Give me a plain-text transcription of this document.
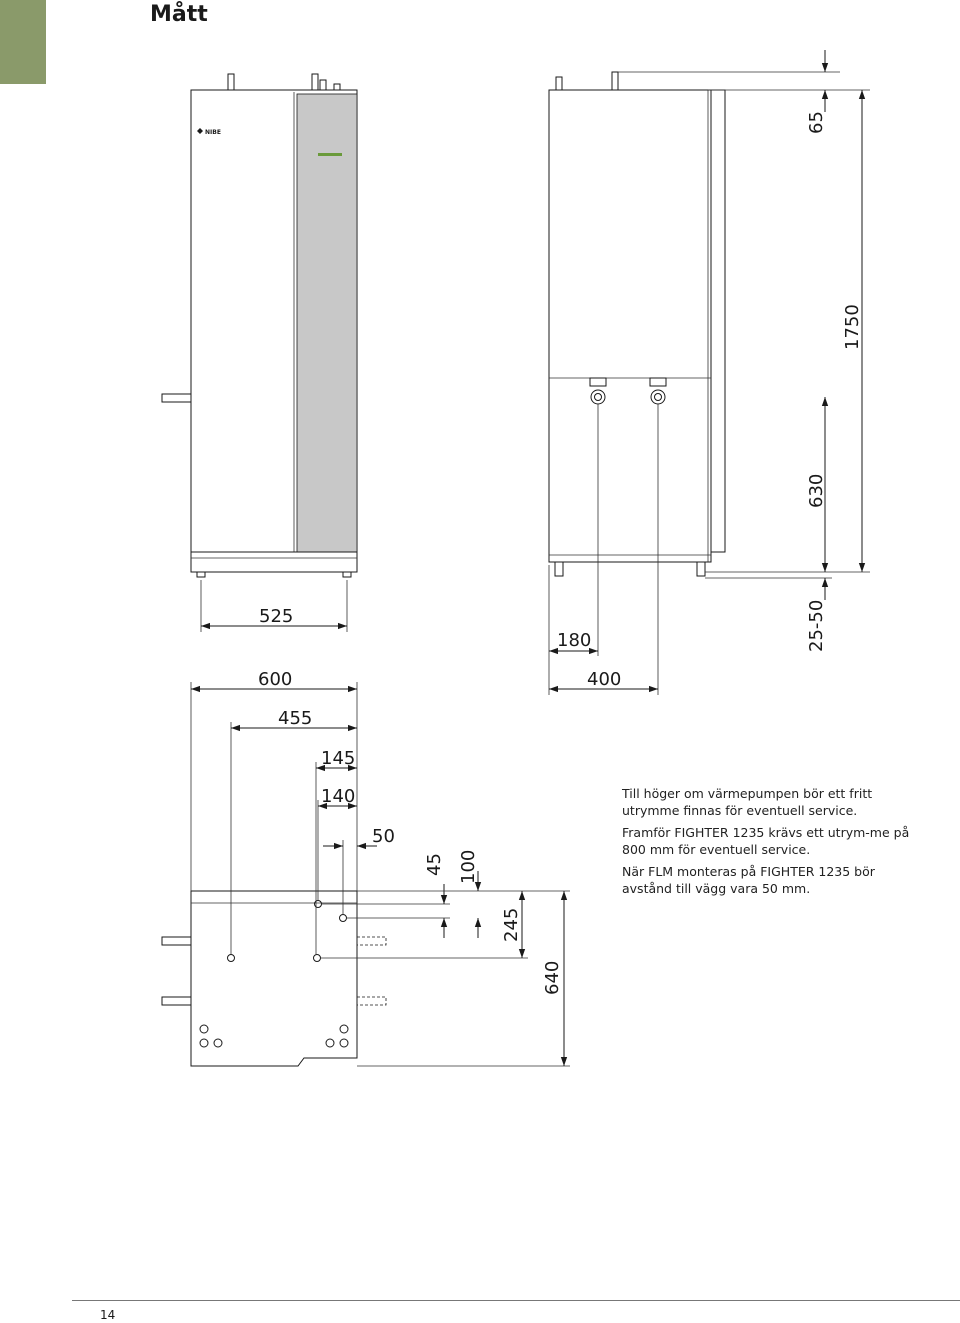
Mått
NIBE	65
1750
630
25-50
525
180
600	400
455
145
140
50
45 100
245
640

Till höger om värmepumpen bör ett fritt utrymme finnas för eventuell service.

Framför FIGHTER 1235 krävs ett utrym-me på 800 mm för eventuell service.

När FLM monteras på FIGHTER 1235 bör avstånd till vägg vara 50 mm.

14
